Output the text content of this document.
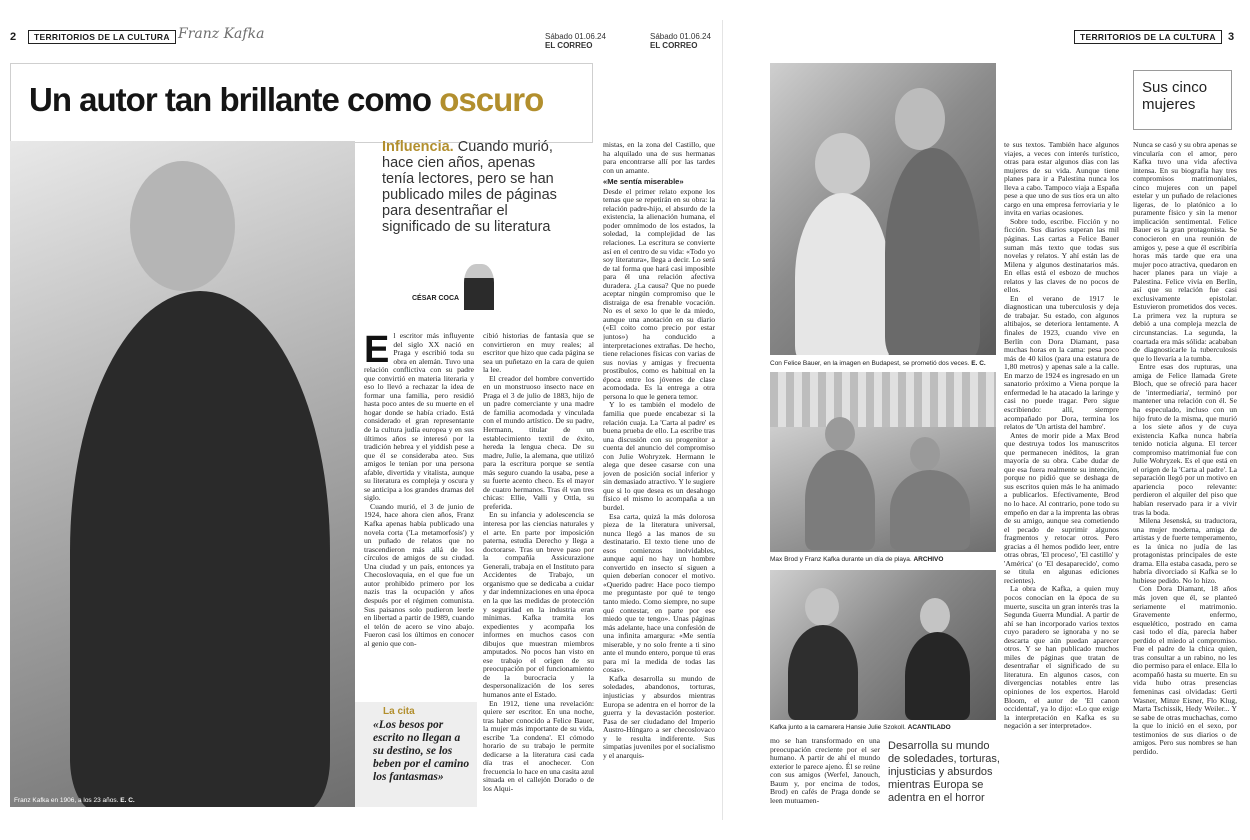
2	TERRITORIOS DE LA CULTURA Franz Kafka	Sábado 01.06.24
EL CORREO
Un autor tan brillante como oscuro
Franz Kafka en 1906, a los 23 años. E. C.
Influencia. Cuando murió, hace cien años, apenas tenía lectores, pero se han publicado miles de páginas para desentrañar el significado de su literatura
CÉSAR COCA
E l escritor más influyente del siglo XX nació en Praga y escribió toda su obra en alemán. Tuvo una relación conflictiva con su padre que convirtió en materia literaria y eso lo llevó a rechazar la idea de formar una familia, pero residió hasta poco antes de su muerte en el hogar donde se había criado. Está considerado el gran representante de la cultura judía europea y en sus últimos años se interesó por la tradición hebrea y el yiddish pese a que él se consideraba ateo. Sus amigos le tenían por una persona afable, divertida y vitalista, aunque su literatura es compleja y oscura y se anticipa a los grandes dramas del siglo.

Cuando murió, el 3 de junio de 1924, hace ahora cien años, Franz Kafka apenas había publicado una novela corta ('La metamorfosis') y un puñado de relatos que no trascendieron más allá de los círculos de amigos de su ciudad. Una ciudad y un país, entonces ya Checoslovaquia, en el que fue un autor prohibido primero por los nazis tras la ocupación y años después por el régimen comunista. Sus paisanos solo pudieron leerle en libertad a partir de 1989, cuando el telón de acero se vino abajo. Fueron casi los últimos en conocer al genio que con-

La cita
«Los besos por escrito no llegan a su destino, se los beben por el camino los fantasmas»

cibió historias de fantasía que se convirtieron en muy reales; al escritor que hizo que cada página se sea un puñetazo en la cara de quien la lee.

El creador del hombre convertido en un monstruoso insecto nace en Praga el 3 de julio de 1883, hijo de un padre comerciante y una madre de familia acomodada y vinculada con el mundo artístico. De su padre, Hermann, titular de un establecimiento textil de éxito, hereda la lengua checa. De su madre, Julie, la alemana, que utilizó para la escritura porque se sentía más seguro cuando la usaba, pese a su fuerte acento checo. Es el mayor de cuatro hermanos. Tras él van tres chicas: Ellie, Valli y Ottla, su preferida.

En su infancia y adolescencia se interesa por las ciencias naturales y el arte. En parte por imposición paterna, estudia Derecho y llega a doctorarse. Tras un breve paso por la compañía Assicurazione Generali, trabaja en el Instituto para Accidentes de Trabajo, un organismo que se dedicaba a cuidar y dar indemnizaciones en una época en la que las medidas de protección y seguridad en la industria eran mínimas. Kafka tramita los expedientes y acompaña los informes en muchos casos con dibujos que muestran miembros amputados. No pocos han visto en ese trabajo el origen de su preocupación por el funcionamiento de la burocracia y la despersonalización de los seres humanos ante el Estado.

En 1912, tiene una revelación: quiere ser escritor. En una noche, tras haber conocido a Felice Bauer, la mujer más importante de su vida, escribe 'La condena'. El cómodo horario de su trabajo le permite dedicarse a la literatura casi cada día tras el anochecer. Con frecuencia lo hace en una casita azul situada en el callejón Dorado o de los Alqui-

mistas, en la zona del Castillo, que ha alquilado una de sus hermanas para encontrarse allí por las tardes con un amante.

«Me sentía miserable»

Desde el primer relato expone los temas que se repetirán en su obra: la relación padre-hijo, el absurdo de la existencia, la alienación humana, el poder omnímodo de los estados, la soledad, la complejidad de las relaciones. La escritura se convierte así en el centro de su vida: «Todo yo soy literatura», llega a decir. Lo será de tal forma que hará casi imposible para él una relación afectiva duradera. ¿La causa? Que no puede aceptar ningún compromiso que le distraiga de esa frenable vocación. No es el sexo lo que le da miedo, aunque una anotación en su diario («El coito como precio por estar juntos») ha conducido a interpretaciones extrañas. De hecho, tiene relaciones físicas con varias de sus novias y amigas y frecuenta prostíbulos, como es habitual en la época entre los jóvenes de clase acomodada. Es la entrega a otra persona lo que le genera temor.

Y lo es también el modelo de familia que puede encabezar si la relación cuaja. La 'Carta al padre' es buena prueba de ello. La escribe tras una discusión con su progenitor a cuenta del anuncio del compromiso con Julie Wohryzek. Hermann le alega que desee casarse con una joven de posición social inferior y sin demasiado atractivo. Y le sugiere que si lo que desea es un desahogo físico el mismo lo acompaña a un burdel.

Esa carta, quizá la más dolorosa pieza de la literatura universal, nunca llegó a las manos de su destinatario. El texto tiene uno de esos comienzos inolvidables, aunque aquí no hay un hombre convertido en insecto sí siguen a quien deberían conocer el motivo. «Querido padre: Hace poco tiempo me preguntaste por qué te tengo tanto miedo. Como siempre, no supe qué contestar, en parte por ese miedo que te tengo». Unas páginas más adelante, hace una confesión de una infinita amargura: «Me sentía miserable, y no solo frente a ti sino ante el mundo entero, porque tú eras para mí la medida de todas las cosas».

Kafka desarrolla su mundo de soledades, abandonos, torturas, injusticias y absurdos mientras Europa se adentra en el horror de la guerra y la devastación posterior. Pasa de ser ciudadano del Imperio Austro-Húngaro a ser checoslovaco y le resulta indiferente. Sus simpatías juveniles por el socialismo y el anarquis-

Sábado 01.06.24
EL CORREO
TERRITORIOS DE LA CULTURA	3
Con Felice Bauer, en la imagen en Budapest, se prometió dos veces. E. C.
Max Brod y Franz Kafka durante un día de playa. ARCHIVO
Kafka junto a la camarera Hansie Julie Szokoll. ACANTILADO

mo se han transformado en una preocupación creciente por el ser humano. A partir de ahí el mundo exterior le parece ajeno. Él se reúne con sus amigos (Werfel, Janouch, Baum y, por encima de todos, Brod) en cafés de Praga donde se leen mutuamen-

Desarrolla su mundo de soledades, torturas, injusticias y absurdos mientras Europa se adentra en el horror

te sus textos. También hace algunos viajes, a veces con interés turístico, otras para estar algunos días con las mujeres de su vida. Aunque tiene planes para ir a Palestina nunca los lleva a cabo. Tampoco viaja a España pese a que uno de sus tíos era un alto cargo en una empresa ferroviaria y le invita en varias ocasiones.

Sobre todo, escribe. Ficción y no ficción. Sus diarios superan las mil páginas. Las cartas a Felice Bauer suman más texto que todas sus novelas y relatos. Y ahí están las de Milena y algunos destinatarios más. En ellas está el esbozo de muchos relatos y las claves de no pocos de ellos.

En el verano de 1917 le diagnostican una tuberculosis y deja de trabajar. Su estado, con algunos altibajos, se deteriora lentamente. A finales de 1923, cuando vive en Berlín con Dora Diamant, pasa muchas horas en la cama: pesa poco más de 40 kilos (para una estatura de 1,80 metros) y apenas sale a la calle. En marzo de 1924 es ingresado en un sanatorio próximo a Viena porque la enfermedad le ha atacado la laringe y casi no puede tragar. Pero sigue escribiendo: allí, siempre acompañado por Dora, termina los relatos de 'Un artista del hambre'.

Antes de morir pide a Max Brod que destruya todos los manuscritos que permanecen inéditos, la gran mayoría de su obra. Cabe dudar de que esa fuera realmente su intención, porque no pidió que se deshaga de sus escritos quien más le ha animado a publicarlos. Efectivamente, Brod no lo hace. Al contrario, pone todo su empeño en dar a la imprenta las obras de su amigo, aunque sea cometiendo el pecado de suprimir algunos fragmentos y retocar otros. Pero gracias a él hemos podido leer, entre otras obras, 'El proceso', 'El castillo' y 'América' (o 'El desaparecido', como se titula en algunas ediciones recientes).

La obra de Kafka, a quien muy pocos conocían en la época de su muerte, suscita un gran interés tras la Segunda Guerra Mundial. A partir de ahí se han incorporado varios textos cuyo paradero se ignoraba y no se descarta que aún puedan aparecer otros. Y se han publicado muchos miles de páginas que tratan de desentrañar el significado de su literatura. En algunos casos, con divergencias notables entre las opiniones de los expertos. Harold Bloom, el autor de 'El canon occidental', ya lo dijo: «Lo que exige la interpretación en Kafka es su negación a ser interpretado».

Sus cinco mujeres

Nunca se casó y su obra apenas se vincularía con el amor, pero Kafka tuvo una vida afectiva intensa. En su biografía hay tres compromisos matrimoniales, cinco mujeres con un papel estelar y un puñado de relaciones ligeras, de lo platónico a lo puramente físico y sin la menor implicación sentimental. Felice Bauer es la gran protagonista. Se conocieron en una reunión de amigos y, pese a que él escribiría horas más tarde que era una mujer poco atractiva, quedaron en hacer planes para un viaje a Palestina. Felice vivía en Berlín, así que su relación fue casi exclusivamente epistolar. Estuvieron prometidos dos veces. La primera vez la ruptura se debió a una compleja mezcla de circunstancias. La segunda, la coartada era más sólida: acababan de diagnosticarle la tuberculosis que lo llevaría a la tumba.

Entre esas dos rupturas, una amiga de Felice llamada Grete Bloch, que se ofreció para hacer de 'intermediaria', terminó por mantener una relación con él. Se ha especulado, incluso con un hijo fruto de la misma, que murió a los siete años y de cuya existencia Kafka nunca habría tenido noticia alguna. El tercer compromiso matrimonial fue con Julie Wohryzek. Es el que está en el origen de la 'Carta al padre'. La separación llegó por un motivo en apariencia poco relevante: perdieron el alquiler del piso que habían reservado para ir a vivir tras la boda.

Milena Jesenská, su traductora, una mujer moderna, amiga de artistas y de fuerte temperamento, es la única no judía de las protagonistas principales de este drama. Ella estaba casada, pero se habría divorciado si Kafka se lo hubiese pedido. No lo hizo.

Con Dora Diamant, 18 años más joven que él, se planteó seriamente el matrimonio. Gravemente enfermo, esquelético, postrado en cama casi todo el día, parecía haber perdido el miedo al compromiso. Fue el padre de la chica quien, tras consultar a un rabino, no les dio permiso para el enlace. Ella lo acompañó hasta su muerte. En su vida hubo otras presencias femeninas casi olvidadas: Gerti Wasner, Minze Eisner, Flo Klug, Marta Tschissik, Hedy Weiler... Y se sabe de otras muchachas, como la que lo inició en el sexo, por testimonios de sus diarios o de amigos. Pero sus nombres se han perdido.
